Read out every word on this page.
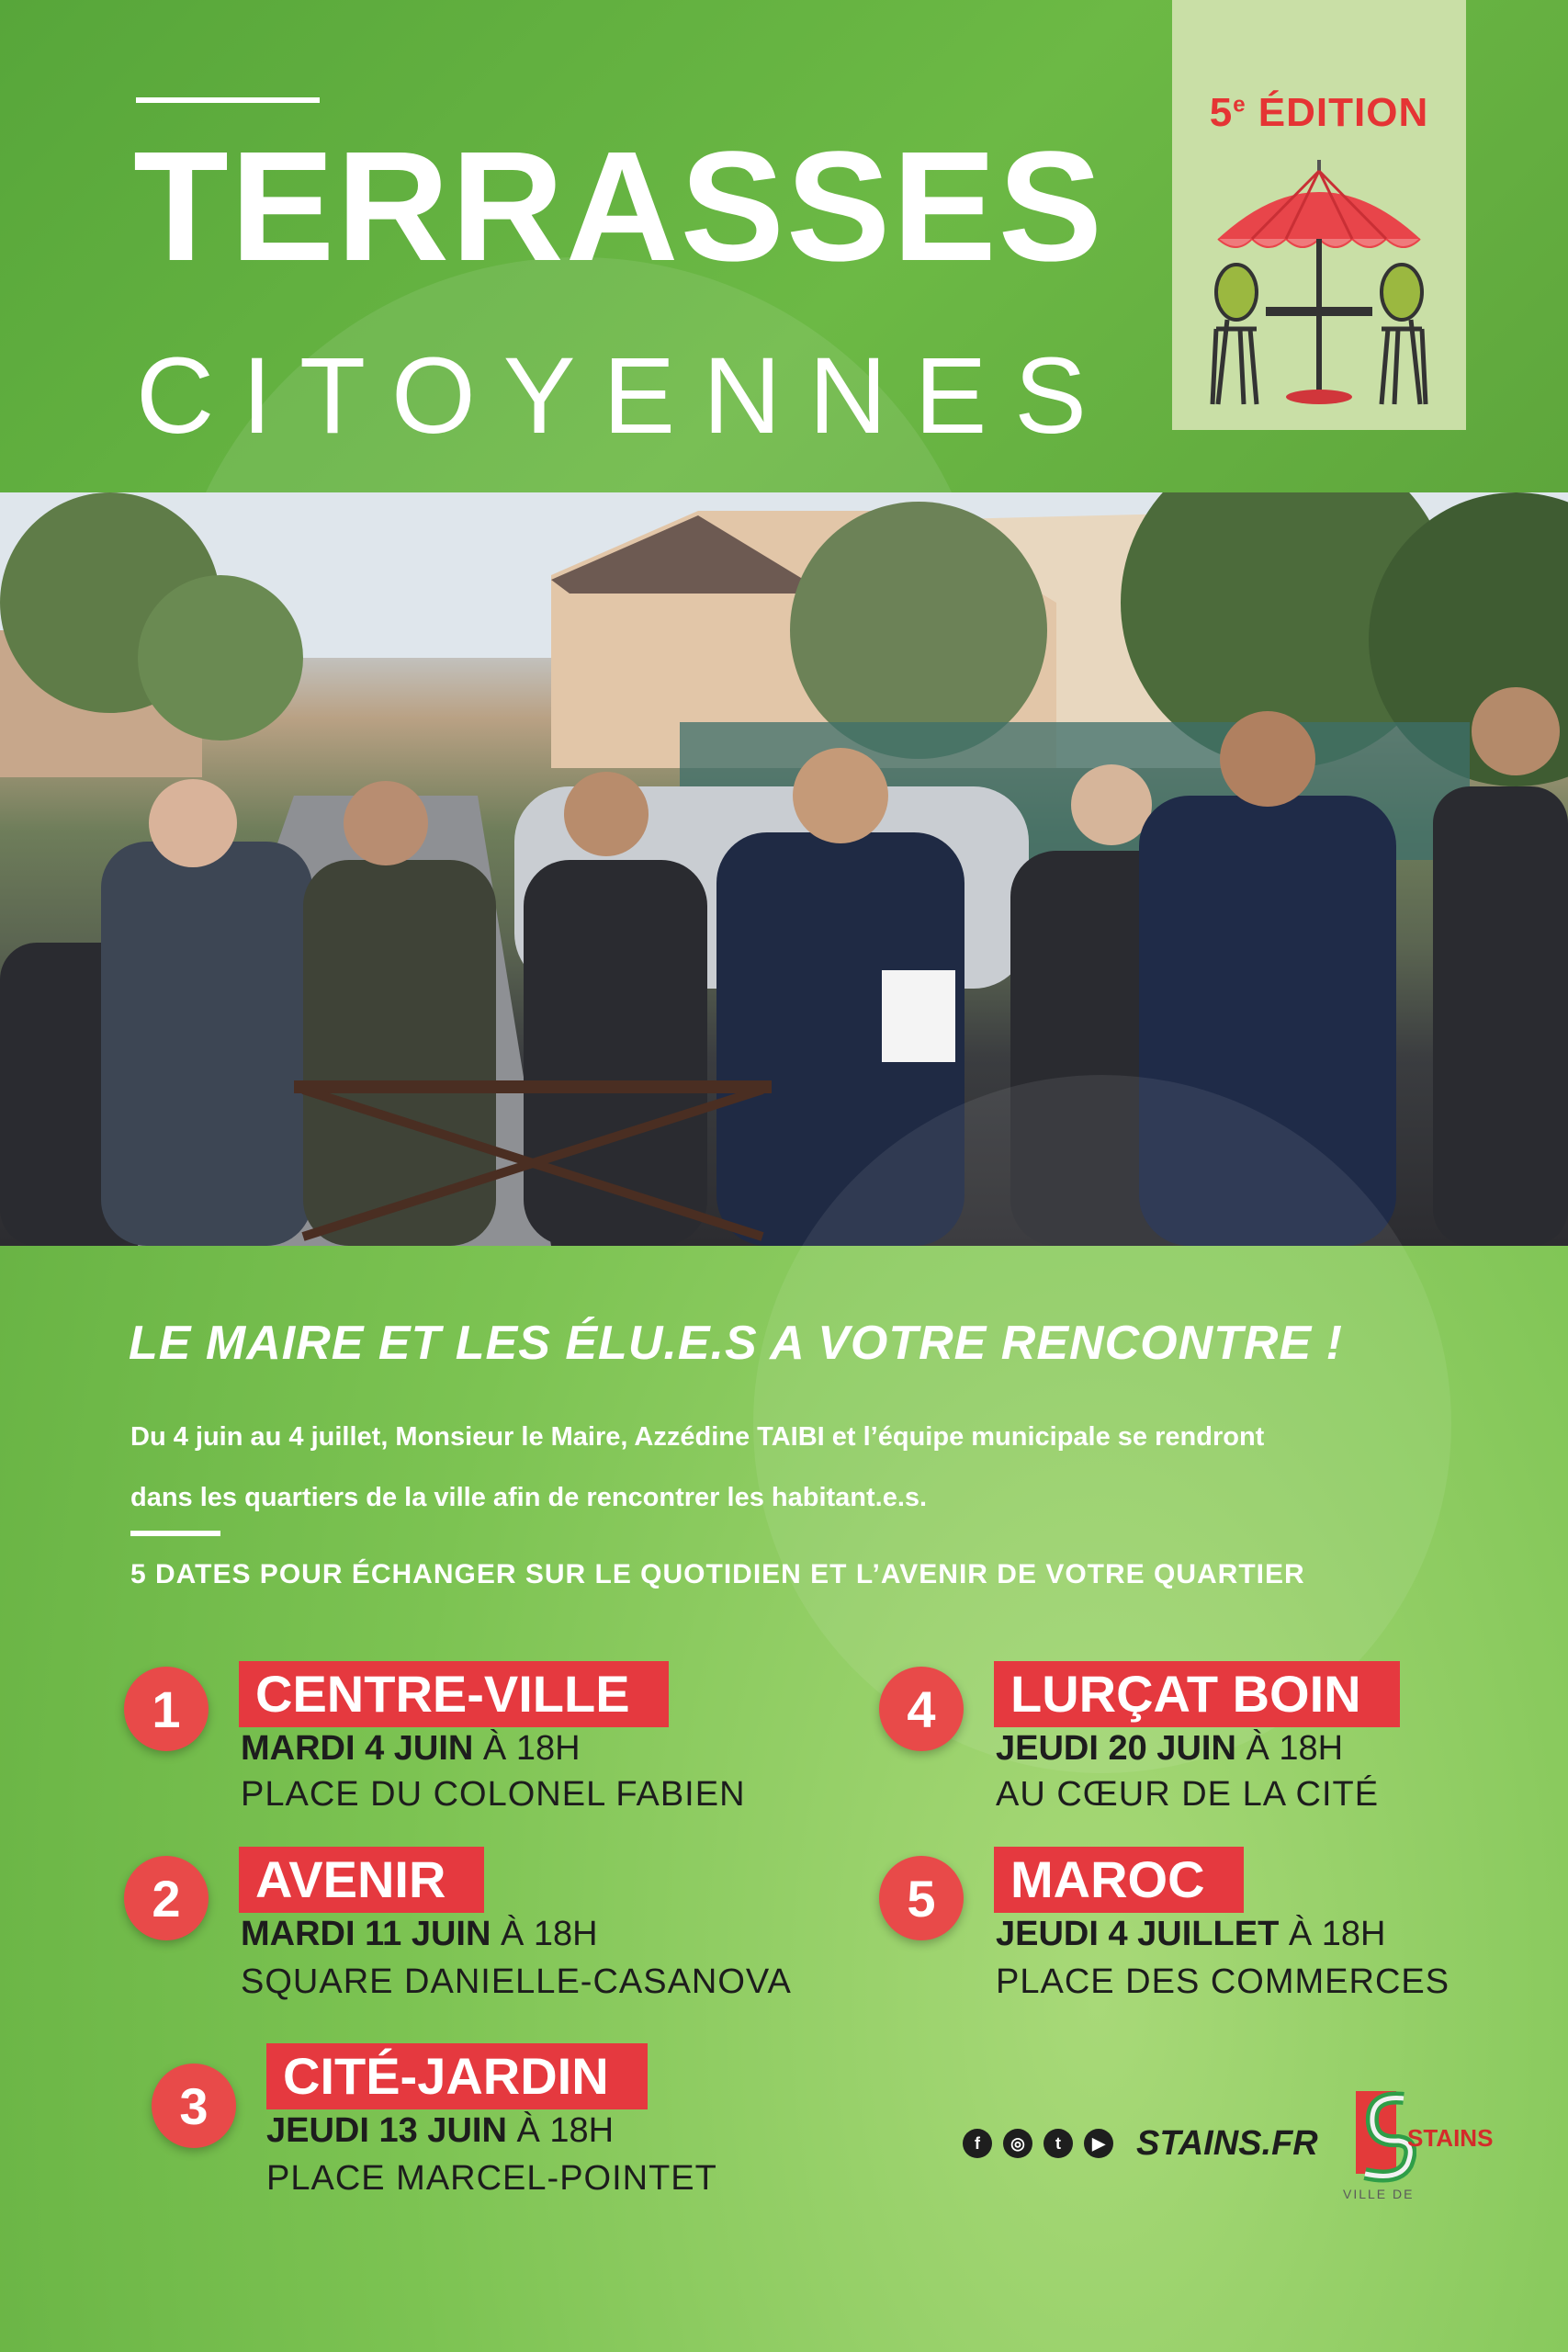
TERRASSES
CITOYENNES
5e ÉDITION
LE MAIRE ET LES ÉLU.E.S A VOTRE RENCONTRE !
Du 4 juin au 4 juillet, Monsieur le Maire, Azzédine TAIBI et l’équipe municipale se rendront
dans les quartiers de la ville afin de rencontrer les habitant.e.s.
5 DATES POUR ÉCHANGER SUR LE QUOTIDIEN ET L’AVENIR DE VOTRE QUARTIER
1	CENTRE-VILLE
MARDI 4 JUIN À 18H
PLACE DU COLONEL FABIEN
2	AVENIR
MARDI 11 JUIN À 18H
SQUARE DANIELLE-CASANOVA
3
CITÉ-JARDIN
JEUDI 13 JUIN À 18H
PLACE MARCEL-POINTET
4	LURÇAT BOIN
JEUDI 20 JUIN À 18H
AU CŒUR DE LA CITÉ
5	MAROC
JEUDI 4 JUILLET À 18H
PLACE DES COMMERCES
f	◎	t	▶ STAINS.FR	STAINS
VILLE DE
